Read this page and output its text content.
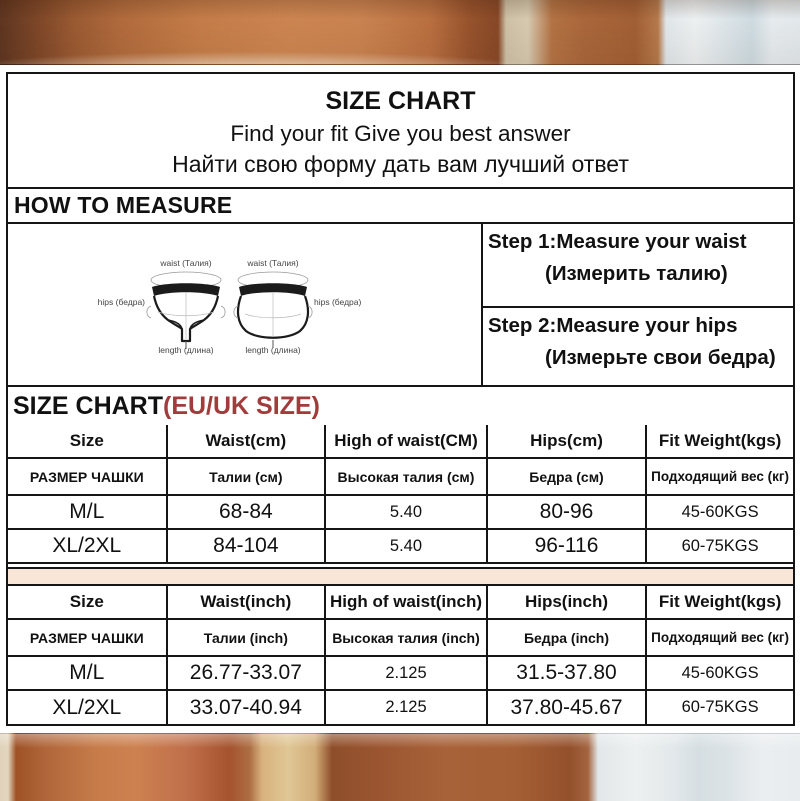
SIZE CHART
Find your fit Give you best answer
Найти свою форму дать вам лучший ответ
HOW TO MEASURE
waist (Талия)
hips (бедра)
length (длина)
waist (Талия)
hips (бедра)
length (длина)
Step 1:Measure your waist
(Измерить талию)
Step 2:Measure your hips
(Измерьте свои бедра)
SIZE CHART (EU/UK SIZE)
Size	Waist(cm)	High of waist(CM)	Hips(cm)	Fit Weight(kgs)
РАЗМЕР ЧАШКИ	Талии (см)	Высокая талия (см)	Бедра (см)	Подходящий вес (кг)
M/L	68-84	5.40	80-96	45-60KGS
XL/2XL	84-104	5.40	96-116	60-75KGS
Size	Waist(inch)	High of waist(inch)	Hips(inch)	Fit Weight(kgs)
РАЗМЕР ЧАШКИ	Талии (inch)	Высокая талия (inch)	Бедра (inch)	Подходящий вес (кг)
M/L	26.77-33.07	2.125	31.5-37.80	45-60KGS
XL/2XL	33.07-40.94	2.125	37.80-45.67	60-75KGS
